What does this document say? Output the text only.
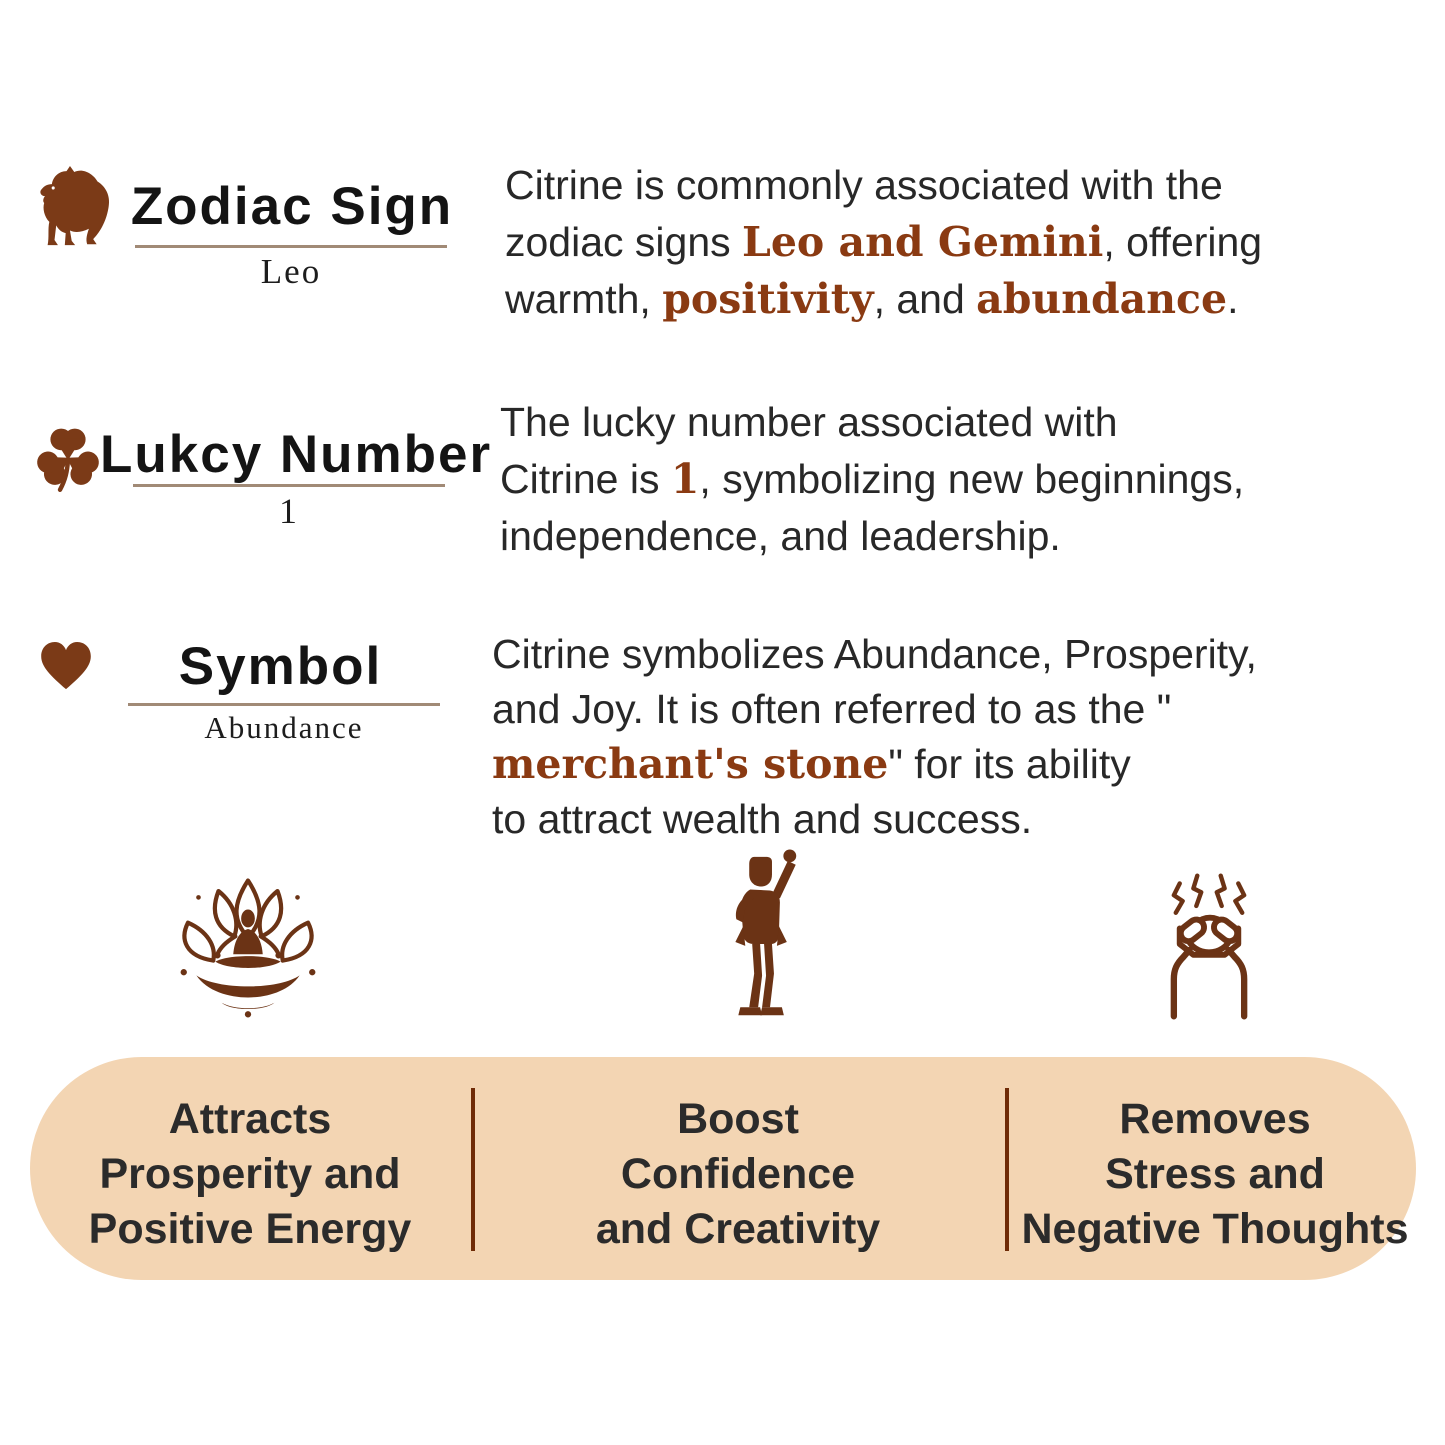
Zodiac Sign
Leo
Citrine is commonly associated with the
zodiac signs Leo and Gemini, offering
warmth, positivity, and abundance.
Lukcy Number
1
The lucky number associated with
Citrine is 1, symbolizing new beginnings,
independence, and leadership.
Symbol
Abundance
Citrine symbolizes Abundance, Prosperity,
and Joy. It is often referred to as the "
merchant's stone" for its ability
to attract wealth and success.
Attracts
Prosperity and
Positive Energy
Boost
Confidence
and Creativity
Removes
Stress and
Negative Thoughts
